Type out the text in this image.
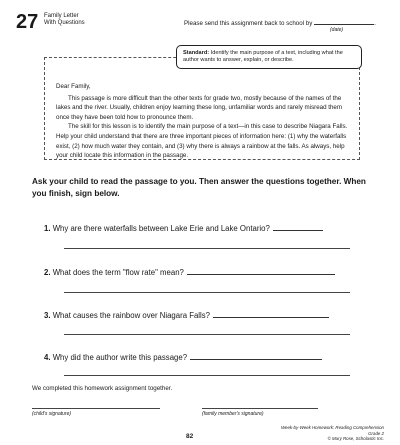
27 Family Letter
With Questions	Please send this assignment back to school by	.
(date)
Standard: Identify the main purpose of a text, including what the author wants to answer, explain, or describe.

Dear Family,

This passage is more difficult than the other texts for grade two, mostly because of the names of the lakes and the river. Usually, children enjoy learning these long, unfamiliar words and rarely misread them once they have been told how to pronounce them.

The skill for this lesson is to identify the main purpose of a text—in this case to describe Niagara Falls. Help your child understand that there are three important pieces of information here: (1) why the waterfalls exist, (2) how much water they contain, and (3) why there is always a rainbow at the falls. As always, help your child locate this information in the passage.

Ask your child to read the passage to you. Then answer the questions together. When you finish, sign below.
1. Why are there waterfalls between Lake Erie and Lake Ontario?
2. What does the term "flow rate" mean?
3. What causes the rainbow over Niagara Falls?
4. Why did the author write this passage?
We completed this homework assignment together.
(child's signature)	(family member's signature)
82
Week-by-Week Homework: Reading Comprehension Grade 2
© Mary Rose, Scholastic Inc.
